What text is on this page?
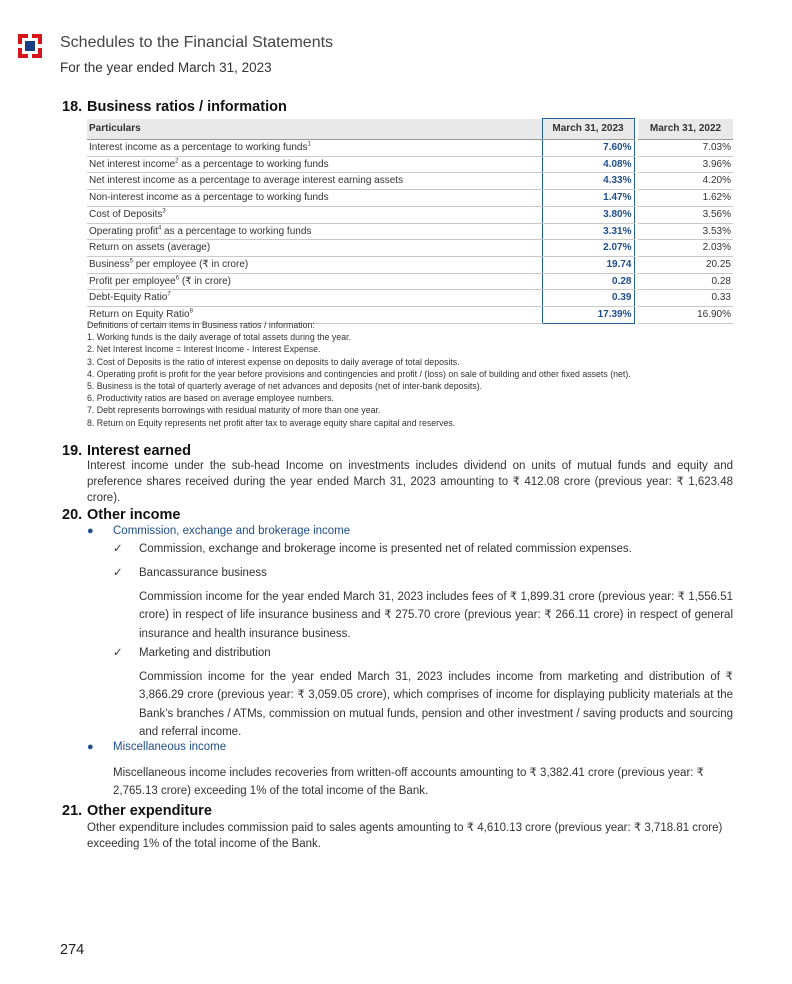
Schedules to the Financial Statements
For the year ended March 31, 2023
18. Business ratios / information
Particulars	March 31, 2023		March 31, 2022
Interest income as a percentage to working funds$^1$	7.60%		7.03%
Net interest income$^2$ as a percentage to working funds	4.08%		3.96%
Net interest income as a percentage to average interest earning assets	4.33%		4.20%
Non-interest income as a percentage to working funds	1.47%		1.62%
Cost of Deposits$^3$	3.80%		3.56%
Operating profit$^4$ as a percentage to working funds	3.31%		3.53%
Return on assets (average)	2.07%		2.03%
Business$^5$ per employee (₹ in crore)	19.74		20.25
Profit per employee$^6$ (₹ in crore)	0.28		0.28
Debt-Equity Ratio$^7$	0.39		0.33
Return on Equity Ratio$^8$	17.39%		16.90%
Definitions of certain items in Business ratios / information:
1. Working funds is the daily average of total assets during the year.
2. Net Interest Income = Interest Income - Interest Expense.
3. Cost of Deposits is the ratio of interest expense on deposits to daily average of total deposits.
4. Operating profit is profit for the year before provisions and contingencies and profit / (loss) on sale of building and other fixed assets (net).
5. Business is the total of quarterly average of net advances and deposits (net of inter-bank deposits).
6. Productivity ratios are based on average employee numbers.
7. Debt represents borrowings with residual maturity of more than one year.
8. Return on Equity represents net profit after tax to average equity share capital and reserves.
19. Interest earned
Interest income under the sub-head Income on investments includes dividend on units of mutual funds and equity and preference shares received during the year ended March 31, 2023 amounting to ₹ 412.08 crore (previous year: ₹ 1,623.48 crore).
20. Other income
● Commission, exchange and brokerage income
✓ Commission, exchange and brokerage income is presented net of related commission expenses.
✓ Bancassurance business
Commission income for the year ended March 31, 2023 includes fees of ₹ 1,899.31 crore (previous year: ₹ 1,556.51 crore) in respect of life insurance business and ₹ 275.70 crore (previous year: ₹ 266.11 crore) in respect of general insurance and health insurance business.
✓ Marketing and distribution
Commission income for the year ended March 31, 2023 includes income from marketing and distribution of ₹ 3,866.29 crore (previous year: ₹ 3,059.05 crore), which comprises of income for displaying publicity materials at the Bank’s branches / ATMs, commission on mutual funds, pension and other investment / saving products and sourcing and referral income.
● Miscellaneous income
Miscellaneous income includes recoveries from written-off accounts amounting to ₹ 3,382.41 crore (previous year: ₹ 2,765.13 crore) exceeding 1% of the total income of the Bank.
21. Other expenditure
Other expenditure includes commission paid to sales agents amounting to ₹ 4,610.13 crore (previous year: ₹ 3,718.81 crore) exceeding 1% of the total income of the Bank.
274
